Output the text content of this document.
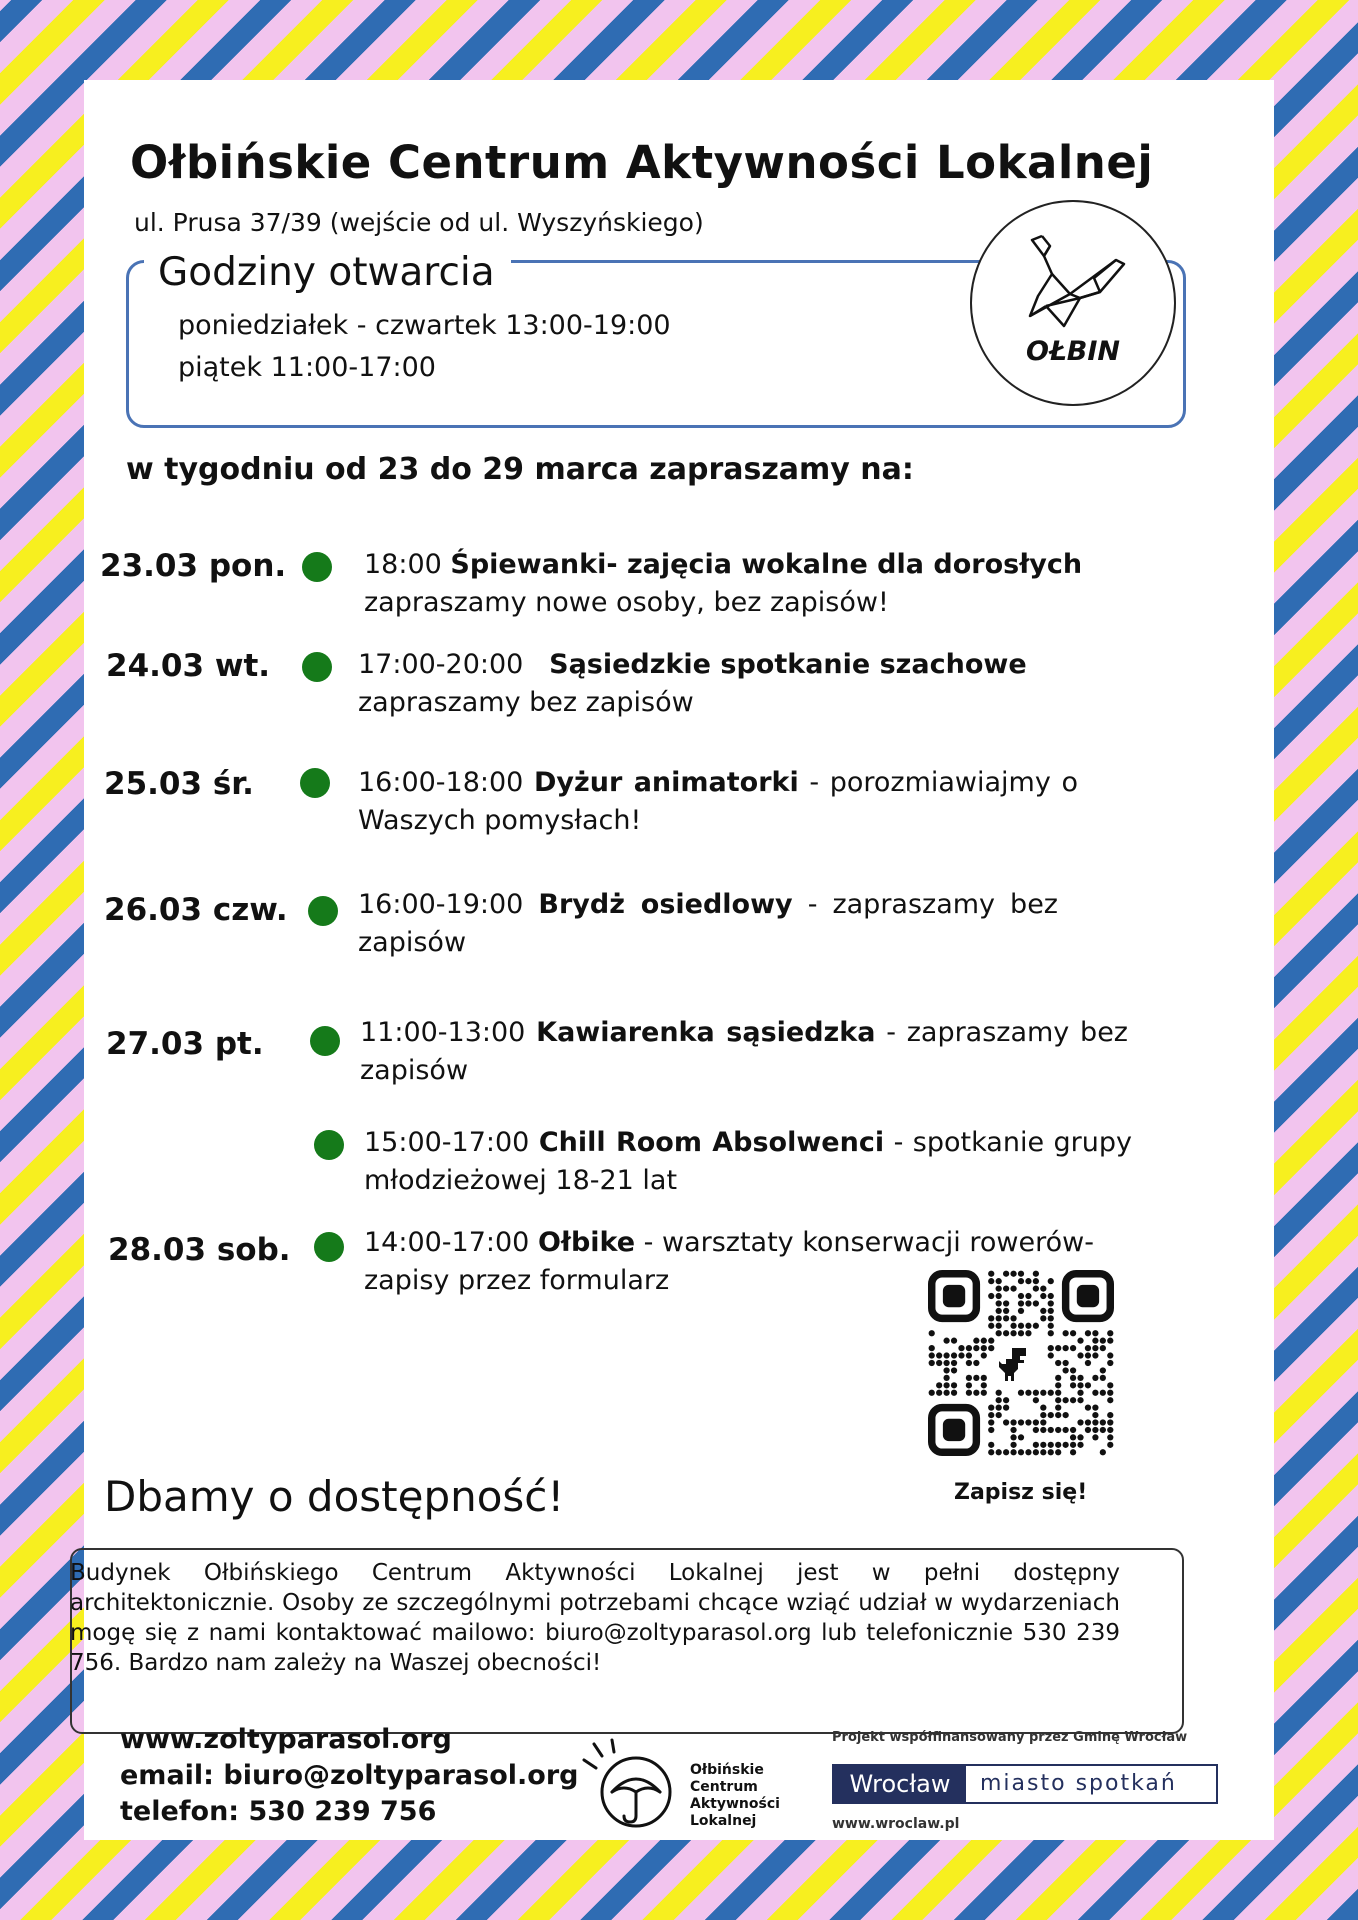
Ołbińskie Centrum Aktywności Lokalnej
ul. Prusa 37/39 (wejście od ul. Wyszyńskiego)
Godziny otwarcia
poniedziałek - czwartek 13:00-19:00
piątek 11:00-17:00
OŁBIN
w tygodniu od 23 do 29 marca zapraszamy na:
23.03 pon.	18:00 Śpiewanki- zajęcia wokalne dla dorosłych
zapraszamy nowe osoby, bez zapisów!
24.03 wt.	17:00-20:00 Sąsiedzkie spotkanie szachowe
zapraszamy bez zapisów
25.03 śr.	16:00-18:00 Dyżur animatorki - porozmiawiajmy o Waszych pomysłach!
26.03 czw.	16:00-19:00 Brydż osiedlowy - zapraszamy bez zapisów
27.03 pt.	11:00-13:00 Kawiarenka sąsiedzka - zapraszamy bez zapisów
15:00-17:00 Chill Room Absolwenci - spotkanie grupy młodzieżowej 18-21 lat
28.03 sob.	14:00-17:00 Ołbike - warsztaty konserwacji rowerów- zapisy przez formularz
Zapisz się!
Dbamy o dostępność!
Budynek Ołbińskiego Centrum Aktywności Lokalnej jest w pełni dostępny architektonicznie. Osoby ze szczególnymi potrzebami chcące wziąć udział w wydarzeniach mogę się z nami kontaktować mailowo: biuro@zoltyparasol.org lub telefonicznie 530 239 756. Bardzo nam zależy na Waszej obecności!
www.zoltyparasol.org
email: biuro@zoltyparasol.org
telefon: 530 239 756
Ołbińskie
Centrum
Aktywności
Lokalnej
Projekt współfinansowany przez Gminę Wrocław
Wrocław	miasto spotkań
www.wroclaw.pl
